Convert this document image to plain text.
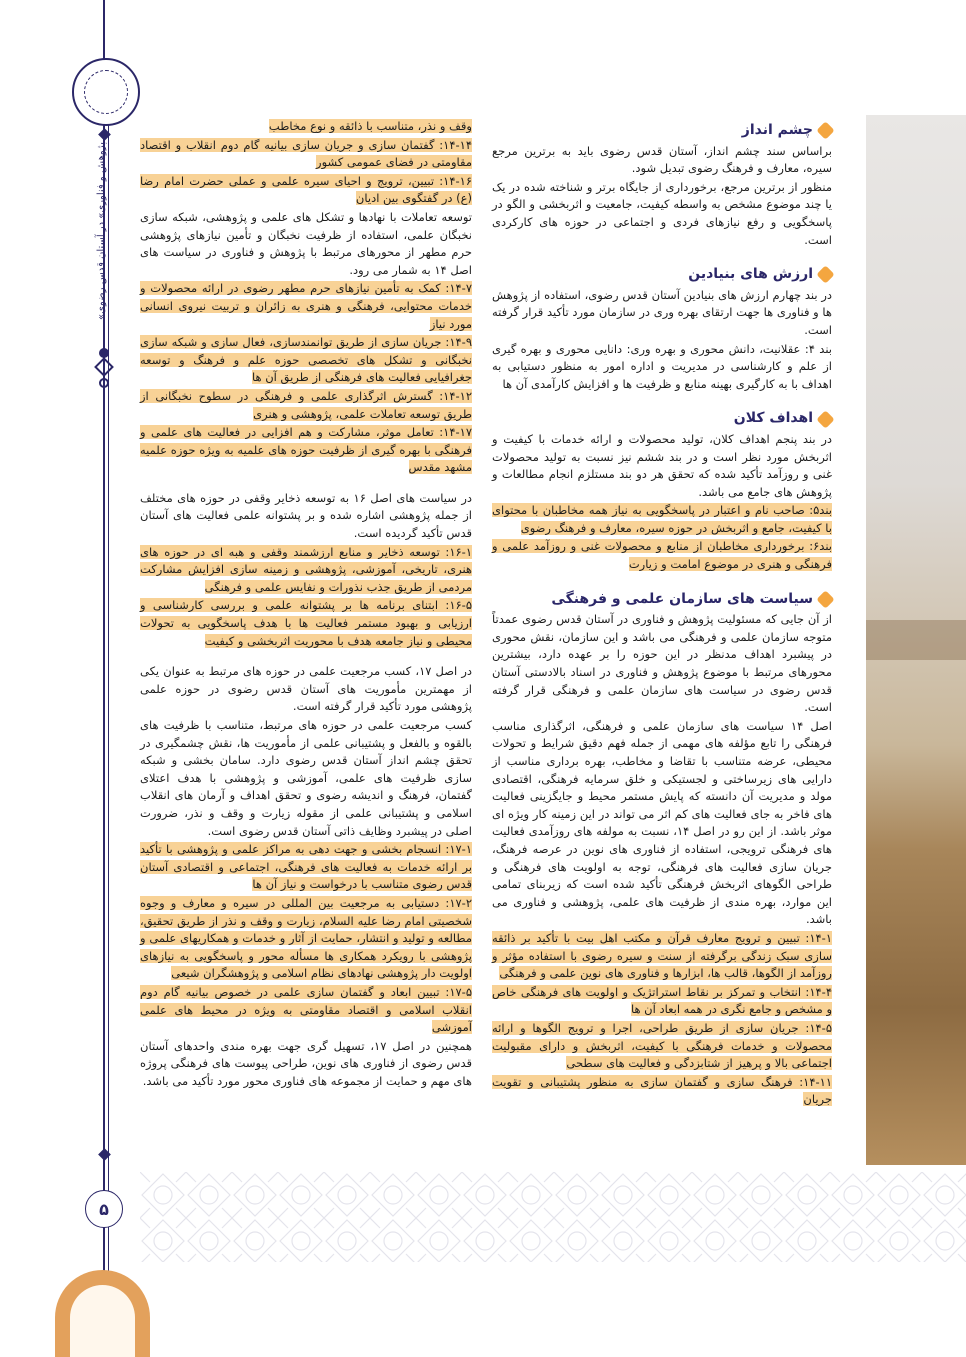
«پژوهش و فناوری» در آستان قدس رضوی
۵
چشم انداز

براساس سند چشم انداز، آستان قدس رضوی باید به برترین مرجع سیره، معارف و فرهنگ رضوی تبدیل شود.

منظور از برترین مرجع، برخورداری از جایگاه برتر و شناخته شده در یک یا چند موضوع مشخص به واسطه کیفیت، جامعیت و اثربخشی و الگو در پاسخگویی و رفع نیازهای فردی و اجتماعی در حوزه های کارکردی است.

ارزش های بنیادین

در بند چهارم ارزش های بنیادین آستان قدس رضوی، استفاده از پژوهش ها و فناوری ها جهت ارتقای بهره وری در سازمان مورد تأکید قرار گرفته است.

بند ۴: عقلانیت، دانش محوری و بهره وری: دانایی محوری و بهره گیری از علم و کارشناسی در مدیریت و اداره امور به منظور دستیابی به اهداف با به کارگیری بهینه منابع و ظرفیت ها و افزایش کارآمدی آن ها

اهداف کلان

در بند پنجم اهداف کلان، تولید محصولات و ارائه خدمات با کیفیت و اثربخش مورد نظر است و در بند ششم نیز نسبت به تولید محصولات غنی و روزآمد تأکید شده که تحقق هر دو بند مستلزم انجام مطالعات و پژوهش های جامع می باشد.

بند۵: صاحب نام و اعتبار در پاسخگویی به نیاز همه مخاطبان با محتوای با کیفیت، جامع و اثربخش در حوزه سیره، معارف و فرهنگ رضوی

بند۶: برخورداری مخاطبان از منابع و محصولات غنی و روزآمد علمی و فرهنگی و هنری در موضوع امامت و زیارت

سیاست های سازمان علمی و فرهنگی

از آن جایی که مسئولیت پژوهش و فناوری در آستان قدس رضوی عمدتاً متوجه سازمان علمی و فرهنگی می باشد و این سازمان، نقش محوری در پیشبرد اهداف مدنظر در این حوزه را بر عهده دارد، بیشترین محورهای مرتبط با موضوع پژوهش و فناوری در اسناد بالادستی آستان قدس رضوی در سیاست های سازمان علمی و فرهنگی قرار گرفته است.

اصل ۱۴ سیاست های سازمان علمی و فرهنگی، اثرگذاری مناسب فرهنگی را تابع مؤلفه های مهمی از جمله فهم دقیق شرایط و تحولات محیطی، عرضه متناسب با تقاضا و مخاطب، بهره برداری مناسب از دارایی های زیرساختی و لجستیکی و خلق سرمایه فرهنگی، اقتصادی مولد و مدیریت آن دانسته که پایش مستمر محیط و جایگزینی فعالیت های فاخر به جای فعالیت های کم اثر می تواند در این زمینه کار ویژه ای موثر باشد. از این رو در اصل ۱۴، نسبت به مولفه های روزآمدی فعالیت های فرهنگی ترویجی، استفاده از فناوری های نوین در عرصه فرهنگ، جریان سازی فعالیت های فرهنگی، توجه به اولویت های فرهنگی و طراحی الگوهای اثربخش فرهنگی تأکید شده است که زیربنای تمامی این موارد، بهره مندی از ظرفیت های علمی، پژوهشی و فناوری می باشد.

۱۴-۱: تبیین و ترویج معارف قرآن و مکتب اهل بیت با تأکید بر ذائقه سازی سبک زندگی برگرفته از سنت و سیره رضوی با استفاده مؤثر و روزآمد از الگوها، قالب ها، ابزارها و فناوری های نوین علمی و فرهنگی

۱۴-۴: انتخاب و تمرکز بر نقاط استراتژیک و اولویت های فرهنگی خاص و مشخص و جامع نگری در همه ابعاد آن ها

۱۴-۵: جریان سازی از طریق طراحی، اجرا و ترویج الگوها و ارائه محصولات و خدمات فرهنگی با کیفیت، اثربخش و دارای مقبولیت اجتماعی بالا و پرهیز از شتابزدگی و فعالیت های سطحی

۱۴-۱۱: فرهنگ سازی و گفتمان سازی به منظور پشتیبانی و تقویت جریان

وقف و نذر، متناسب با ذائقه و نوع مخاطب

۱۴-۱۴: گفتمان سازی و جریان سازی بیانیه گام دوم انقلاب و اقتصاد مقاومتی در فضای عمومی کشور

۱۴-۱۶: تبیین، ترویج و احیای سیره علمی و عملی حضرت امام رضا (ع) در گفتگوی بین ادیان

توسعه تعاملات با نهادها و تشکل های علمی و پژوهشی، شبکه سازی نخبگان علمی، استفاده از ظرفیت نخبگان و تأمین نیازهای پژوهشی حرم مطهر از محورهای مرتبط با پژوهش و فناوری در سیاست های اصل ۱۴ به شمار می رود.

۱۴-۷: کمک به تأمین نیازهای حرم مطهر رضوی در ارائه محصولات و خدمات محتوایی، فرهنگی و هنری به زائران و تربیت نیروی انسانی مورد نیاز

۱۴-۹: جریان سازی از طریق توانمندسازی، فعال سازی و شبکه سازی نخبگانی و تشکل های تخصصی حوزه علم و فرهنگ و توسعه جغرافیایی فعالیت های فرهنگی از طریق آن ها

۱۴-۱۲: گسترش اثرگذاری علمی و فرهنگی در سطوح نخبگانی از طریق توسعه تعاملات علمی، پژوهشی و هنری

۱۴-۱۷: تعامل موثر، مشارکت و هم افزایی در فعالیت های علمی و فرهنگی با بهره گیری از ظرفیت حوزه های علمیه به ویژه حوزه علمیه مشهد مقدس

در سیاست های اصل ۱۶ به توسعه ذخایر وقفی در حوزه های مختلف از جمله پژوهشی اشاره شده و بر پشتوانه علمی فعالیت های آستان قدس تأکید گردیده است.

۱۶-۱: توسعه ذخایر و منابع ارزشمند وقفی و هبه ای در حوزه های هنری، تاریخی، آموزشی، پژوهشی و زمینه سازی افزایش مشارکت مردمی از طریق جذب نذورات و نفایس علمی و فرهنگی

۱۶-۵: ابتنای برنامه ها بر پشتوانه علمی و بررسی کارشناسی و ارزیابی و بهبود مستمر فعالیت ها با هدف پاسخگویی به تحولات محیطی و نیاز جامعه هدف با محوریت اثربخشی و کیفیت

در اصل ۱۷، کسب مرجعیت علمی در حوزه های مرتبط به عنوان یکی از مهمترین مأموریت های آستان قدس رضوی در حوزه علمی پژوهشی مورد تأکید قرار گرفته است.

کسب مرجعیت علمی در حوزه های مرتبط، متناسب با ظرفیت های بالقوه و بالفعل و پشتیبانی علمی از مأموریت ها، نقش چشمگیری در تحقق چشم انداز آستان قدس رضوی دارد. سامان بخشی و شبکه سازی ظرفیت های علمی، آموزشی و پژوهشی با هدف اعتلای گفتمان، فرهنگ و اندیشه رضوی و تحقق اهداف و آرمان های انقلاب اسلامی و پشتیبانی علمی از مقوله زیارت و وقف و نذر، ضرورت اصلی در پیشبرد وظایف ذاتی آستان قدس رضوی است.

۱۷-۱: انسجام بخشی و جهت دهی به مراکز علمی و پژوهشی با تأکید بر ارائه خدمات به فعالیت های فرهنگی، اجتماعی و اقتصادی آستان قدس رضوی متناسب با درخواست و نیاز آن ها

۱۷-۲: دستیابی به مرجعیت بین المللی در سیره و معارف و وجوه شخصیتی امام رضا علیه السلام، زیارت و وقف و نذر از طریق تحقیق، مطالعه و تولید و انتشار، حمایت از آثار و خدمات و همکاریهای علمی و پژوهشی با رویکرد همکاری ها مسأله محور و پاسخگویی به نیازهای اولویت دار پژوهشی نهادهای نظام اسلامی و پژوهشگران شیعی

۱۷-۵: تبیین ابعاد و گفتمان سازی علمی در خصوص بیانیه گام دوم انقلاب اسلامی و اقتصاد مقاومتی به ویژه در محیط های علمی آموزشی

همچنین در اصل ۱۷، تسهیل گری جهت بهره مندی واحدهای آستان قدس رضوی از فناوری های نوین، طراحی پیوست های فرهنگی پروژه های مهم و حمایت از مجموعه های فناوری محور مورد تأکید می باشد.
